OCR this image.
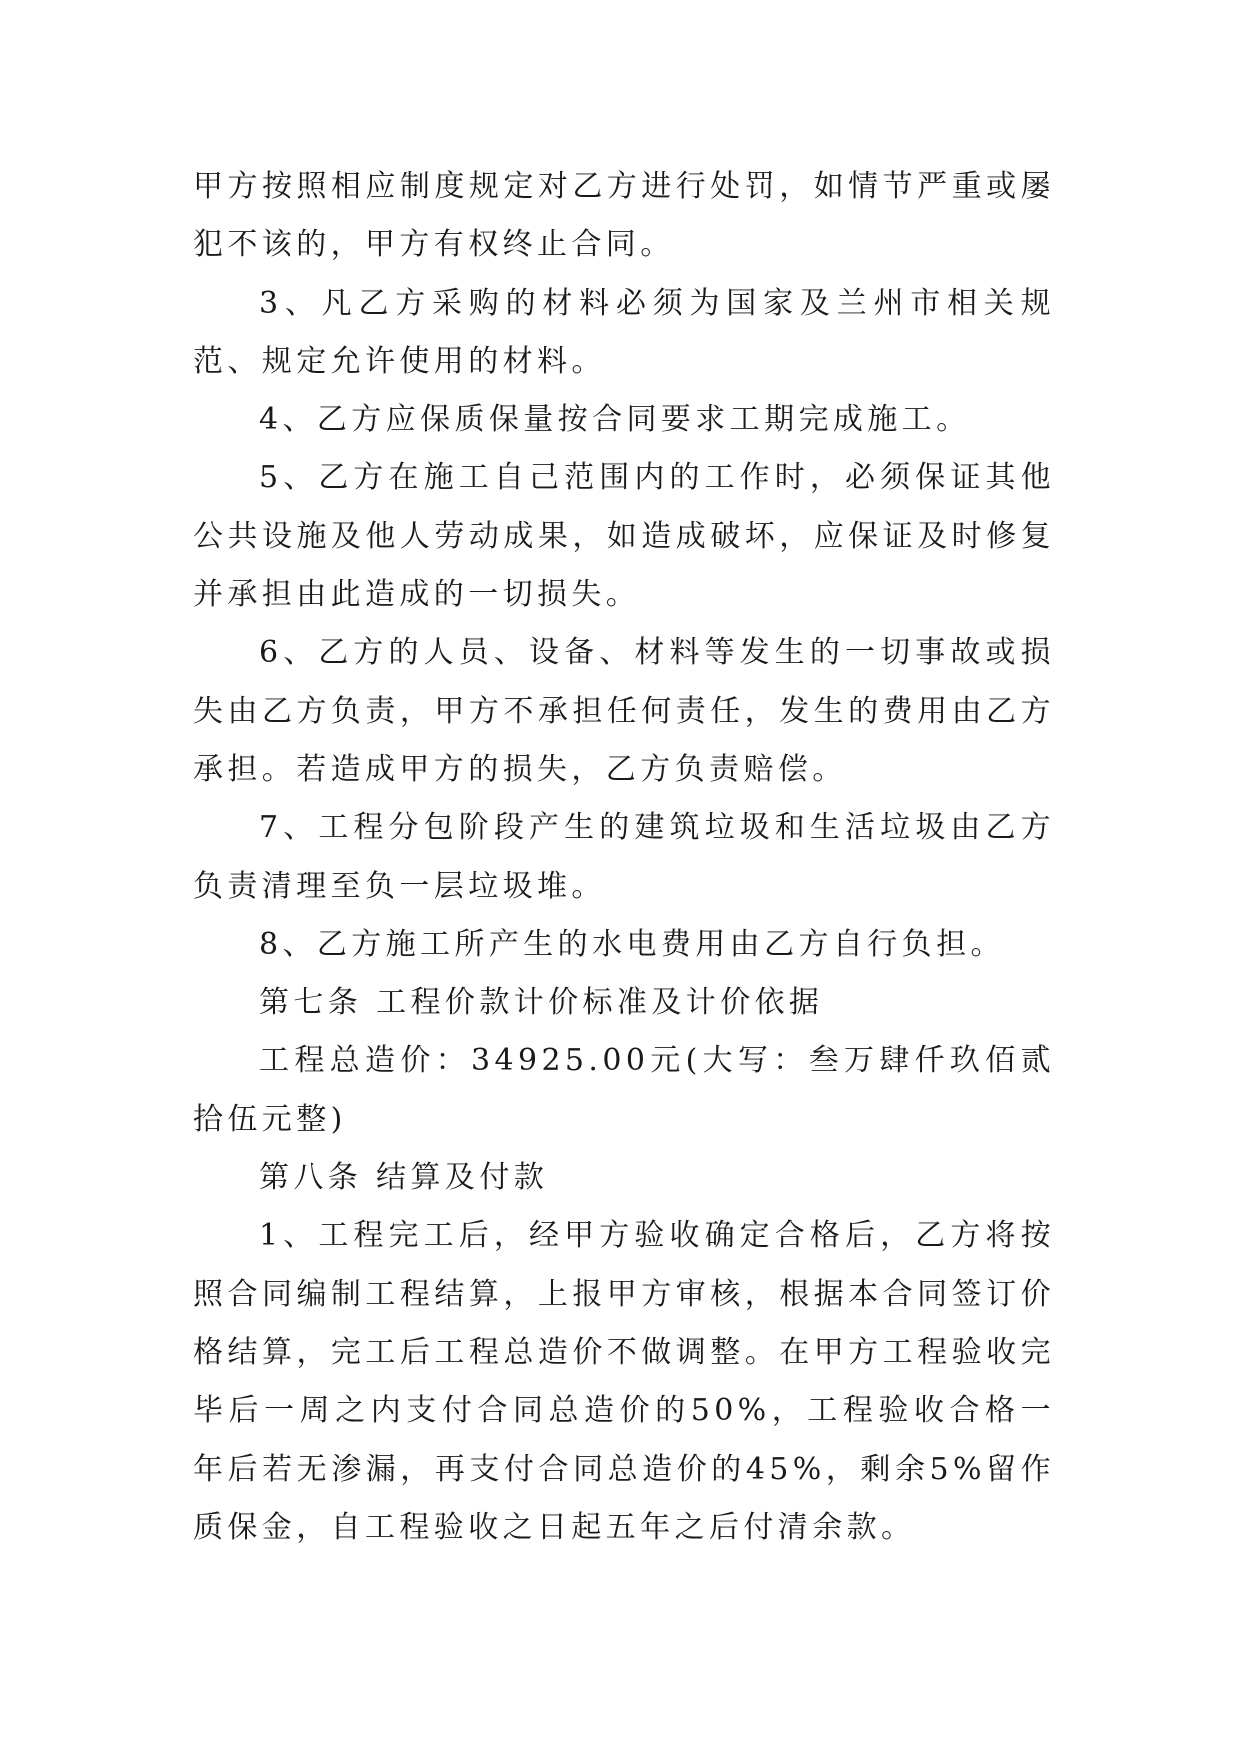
甲方按照相应制度规定对乙方进行处罚，如情节严重或屡犯不该的，甲方有权终止合同。

3、凡乙方采购的材料必须为国家及兰州市相关规范、规定允许使用的材料。

4、乙方应保质保量按合同要求工期完成施工。

5、乙方在施工自己范围内的工作时，必须保证其他公共设施及他人劳动成果，如造成破坏，应保证及时修复并承担由此造成的一切损失。

6、乙方的人员、设备、材料等发生的一切事故或损失由乙方负责，甲方不承担任何责任，发生的费用由乙方承担。若造成甲方的损失，乙方负责赔偿。

7、工程分包阶段产生的建筑垃圾和生活垃圾由乙方负责清理至负一层垃圾堆。

8、乙方施工所产生的水电费用由乙方自行负担。

第七条 工程价款计价标准及计价依据

工程总造价：34925.00元(大写：叁万肆仟玖佰贰拾伍元整)

第八条 结算及付款

1、工程完工后，经甲方验收确定合格后，乙方将按照合同编制工程结算，上报甲方审核，根据本合同签订价格结算，完工后工程总造价不做调整。在甲方工程验收完毕后一周之内支付合同总造价的50%，工程验收合格一年后若无渗漏，再支付合同总造价的45%，剩余5%留作质保金，自工程验收之日起五年之后付清余款。
